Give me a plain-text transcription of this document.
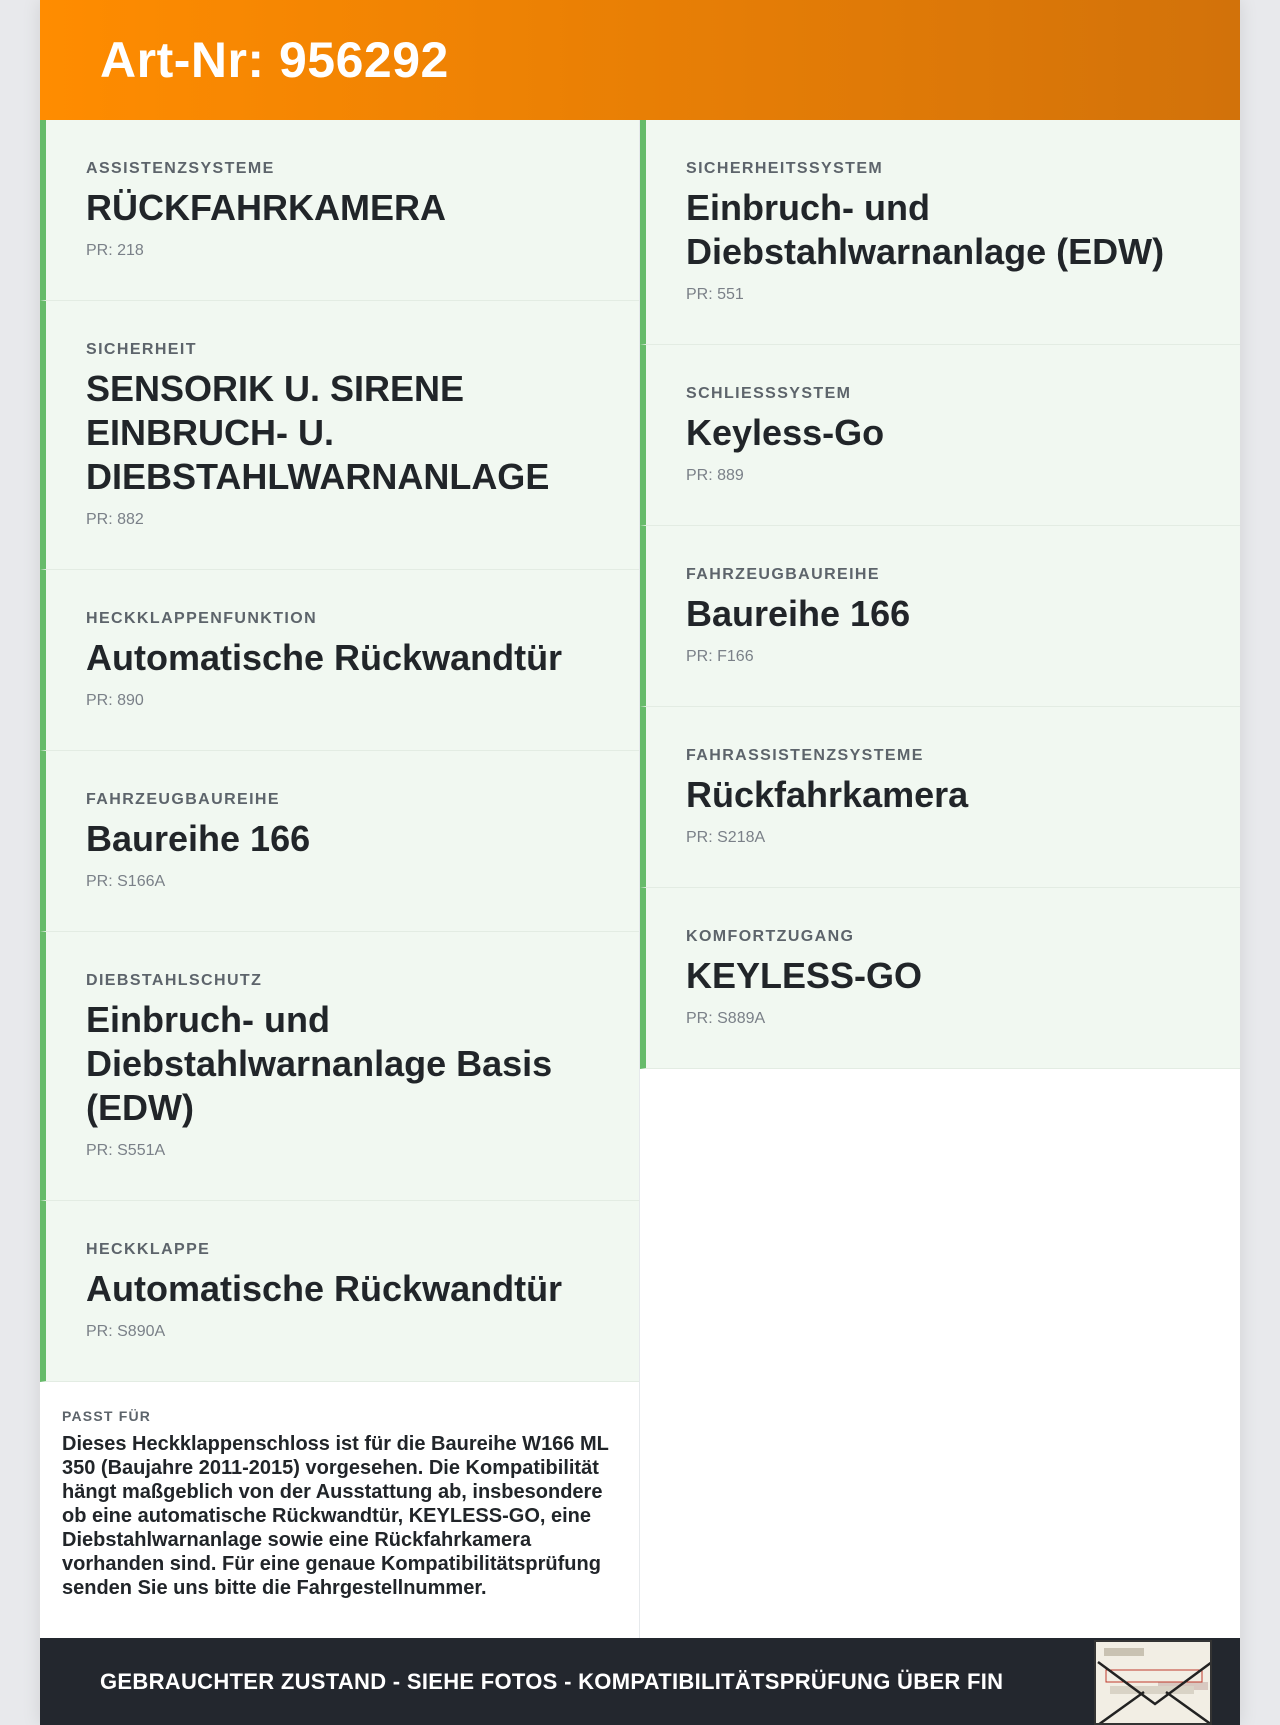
Art-Nr: 956292
ASSISTENZSYSTEME
RÜCKFAHRKAMERA
PR: 218
SICHERHEIT
SENSORIK U. SIRENE EINBRUCH- U. DIEBSTAHLWARNANLAGE
PR: 882
HECKKLAPPENFUNKTION
Automatische Rückwandtür
PR: 890
FAHRZEUGBAUREIHE
Baureihe 166
PR: S166A
DIEBSTAHLSCHUTZ
Einbruch- und Diebstahlwarnanlage Basis (EDW)
PR: S551A
HECKKLAPPE
Automatische Rückwandtür
PR: S890A
PASST FÜR
Dieses Heckklappenschloss ist für die Baureihe W166 ML 350 (Baujahre 2011-2015) vorgesehen. Die Kompatibilität hängt maßgeblich von der Ausstattung ab, insbesondere ob eine automatische Rückwandtür, KEYLESS-GO, eine Diebstahlwarnanlage sowie eine Rückfahrkamera vorhanden sind. Für eine genaue Kompatibilitätsprüfung senden Sie uns bitte die Fahrgestellnummer.
SICHERHEITSSYSTEM
Einbruch- und Diebstahlwarnanlage (EDW)
PR: 551
SCHLIESSSYSTEM
Keyless-Go
PR: 889
FAHRZEUGBAUREIHE
Baureihe 166
PR: F166
FAHRASSISTENZSYSTEME
Rückfahrkamera
PR: S218A
KOMFORTZUGANG
KEYLESS-GO
PR: S889A
GEBRAUCHTER ZUSTAND - SIEHE FOTOS - KOMPATIBILITÄTSPRÜFUNG ÜBER FIN
